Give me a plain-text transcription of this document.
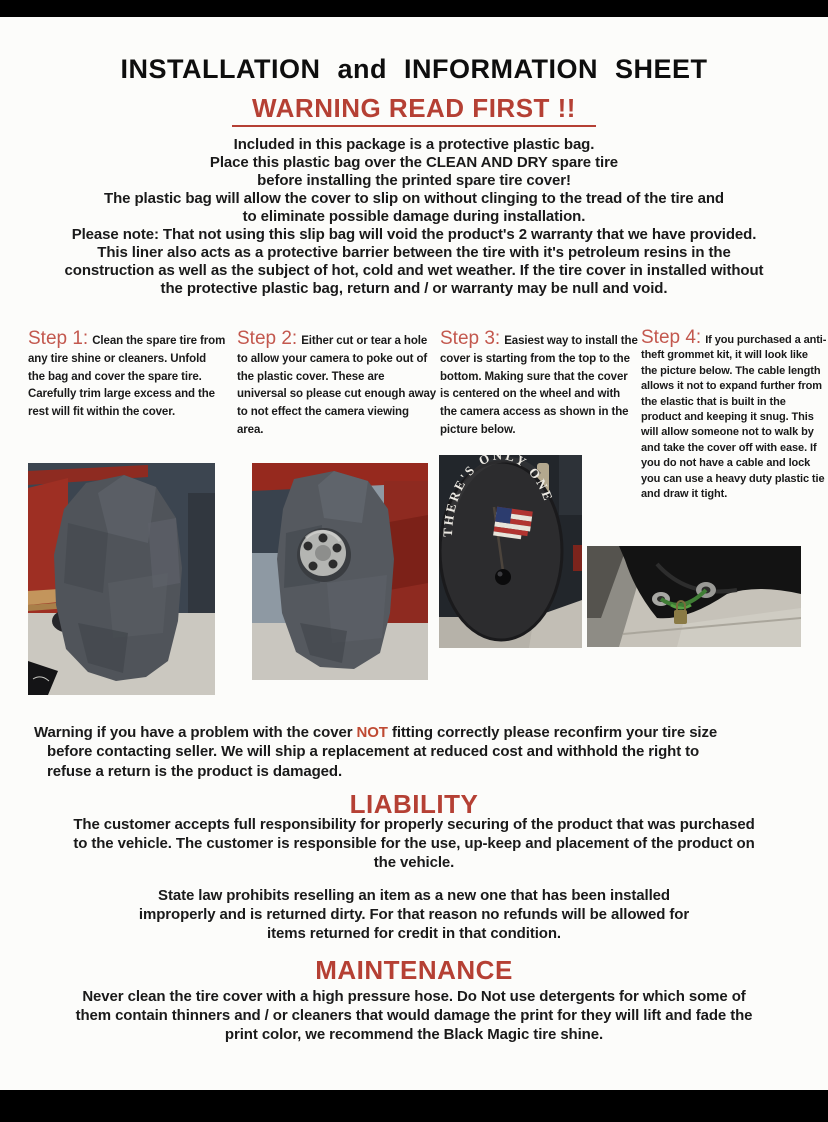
INSTALLATION and INFORMATION SHEET
WARNING READ FIRST !!
Included in this package is a protective plastic bag.
Place this plastic bag over the CLEAN AND DRY spare tire
before installing the printed spare tire cover!
The plastic bag will allow the cover to slip on without clinging to the tread of the tire and
to eliminate possible damage during installation.
Please note: That not using this slip bag will void the product's 2 warranty that we have provided.
This liner also acts as a protective barrier between the tire with it's petroleum resins in the
construction as well as the subject of hot, cold and wet weather. If the tire cover in installed without
the protective plastic bag, return and / or warranty may be null and void.

Step 1: Clean the spare tire from any tire shine or cleaners. Unfold the bag and cover the spare tire. Carefully trim large excess and the rest will fit within the cover.

Step 2: Either cut or tear a hole to allow your camera to poke out of the plastic cover. These are universal so please cut enough away to not effect the camera viewing area.

Step 3: Easiest way to install the cover is starting from the top to the bottom. Making sure that the cover is centered on the wheel and with the camera access as shown in the picture below.

Step 4: If you purchased a anti-theft grommet kit, it will look like the picture below. The cable length allows it not to expand further from the elastic that is built in the product and keeping it snug. This will allow someone not to walk by and take the cover off with ease. If you do not have a cable and lock you can use a heavy duty plastic tie and draw it tight.

THERE'S ONLY ONE
Warning if you have a problem with the cover NOT fitting correctly please reconfirm your tire size
before contacting seller. We will ship a replacement at reduced cost and withhold the right to
refuse a return is the product is damaged.
LIABILITY
The customer accepts full responsibility for properly securing of the product that was purchased
to the vehicle. The customer is responsible for the use, up-keep and placement of the product on
the vehicle.
State law prohibits reselling an item as a new one that has been installed
improperly and is returned dirty. For that reason no refunds will be allowed for
items returned for credit in that condition.
MAINTENANCE
Never clean the tire cover with a high pressure hose. Do Not use detergents for which some of
them contain thinners and / or cleaners that would damage the print for they will lift and fade the
print color, we recommend the Black Magic tire shine.
